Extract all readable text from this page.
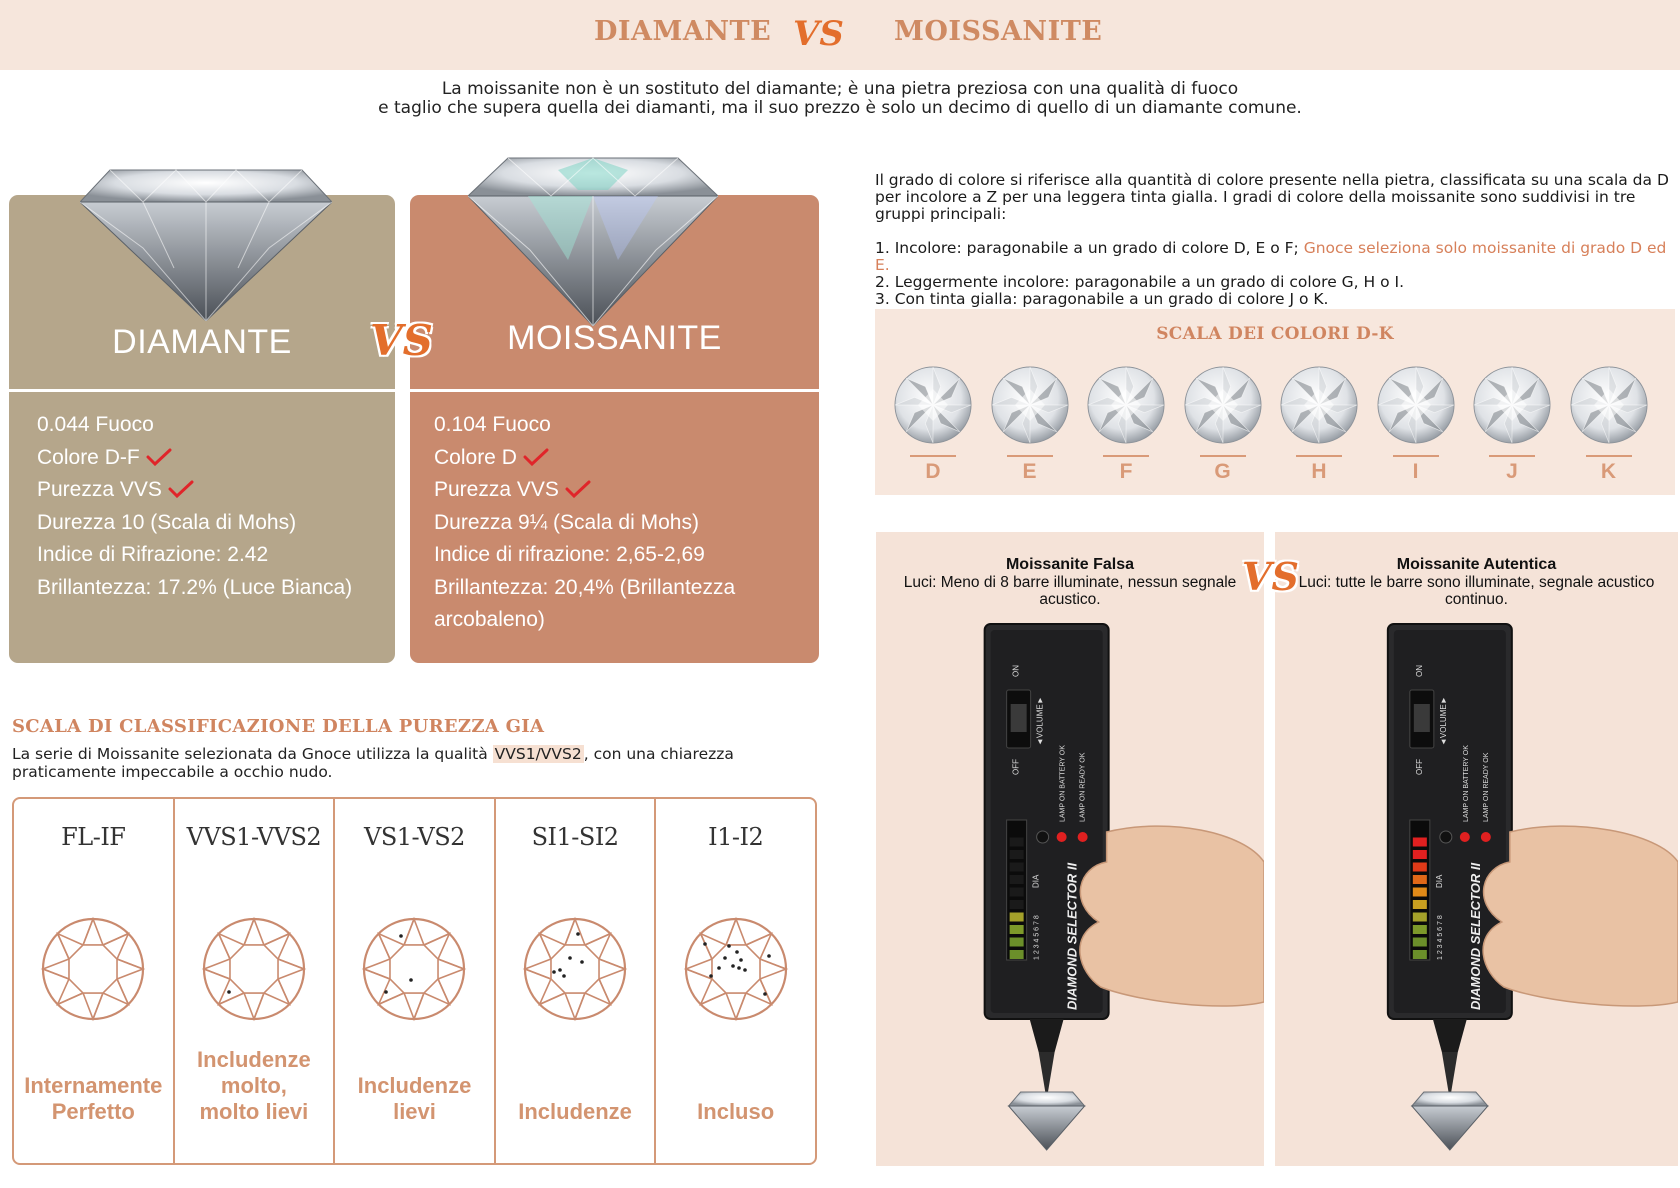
DIAMANTE VS MOISSANITE
La moissanite non è un sostituto del diamante; è una pietra preziosa con una qualità di fuoco
e taglio che supera quella dei diamanti, ma il suo prezzo è solo un decimo di quello di un diamante comune.
DIAMANTE
0.044 Fuoco
Colore D-F
Purezza VVS
Durezza 10 (Scala di Mohs)
Indice di Rifrazione: 2.42
Brillantezza: 17.2% (Luce Bianca)
MOISSANITE
0.104 Fuoco
Colore D
Purezza VVS
Durezza 9¼ (Scala di Mohs)
Indice di rifrazione: 2,65-2,69
Brillantezza: 20,4% (Brillantezza arcobaleno)
VS

Il grado di colore si riferisce alla quantità di colore presente nella pietra, classificata su una scala da D per incolore a Z per una leggera tinta gialla. I gradi di colore della moissanite sono suddivisi in tre gruppi principali:

1. Incolore: paragonabile a un grado di colore D, E o F; Gnoce seleziona solo moissanite di grado D ed E.
2. Leggermente incolore: paragonabile a un grado di colore G, H o I.
3. Con tinta gialla: paragonabile a un grado di colore J o K.
SCALA DEI COLORI D-K
D	E	F	G	H	I	J	K
SCALA DI CLASSIFICAZIONE DELLA PUREZZA GIA
La serie di Moissanite selezionata da Gnoce utilizza la qualità VVS1/VVS2 , con una chiarezza praticamente impeccabile a occhio nudo.
FL-IF
Internamente
Perfetto
VVS1-VVS2
Includenze
molto,
molto lievi
VS1-VS2
Includenze
lievi
SI1-SI2
Includenze
I1-I2
Incluso
Moissanite Falsa
Luci: Meno di 8 barre illuminate, nessun segnale acustico.
ON
OFF
◄VOLUME►
LAMP ON BATTERY OK LAMP ON READY OK
DIA
1 2 3 4 5 6 7 8 DIAMOND SELECTOR II
Moissanite Autentica
Luci: tutte le barre sono illuminate, segnale acustico continuo.
ON
OFF
◄VOLUME►
LAMP ON BATTERY OK LAMP ON READY OK
DIA
1 2 3 4 5 6 7 8 DIAMOND SELECTOR II
VS
